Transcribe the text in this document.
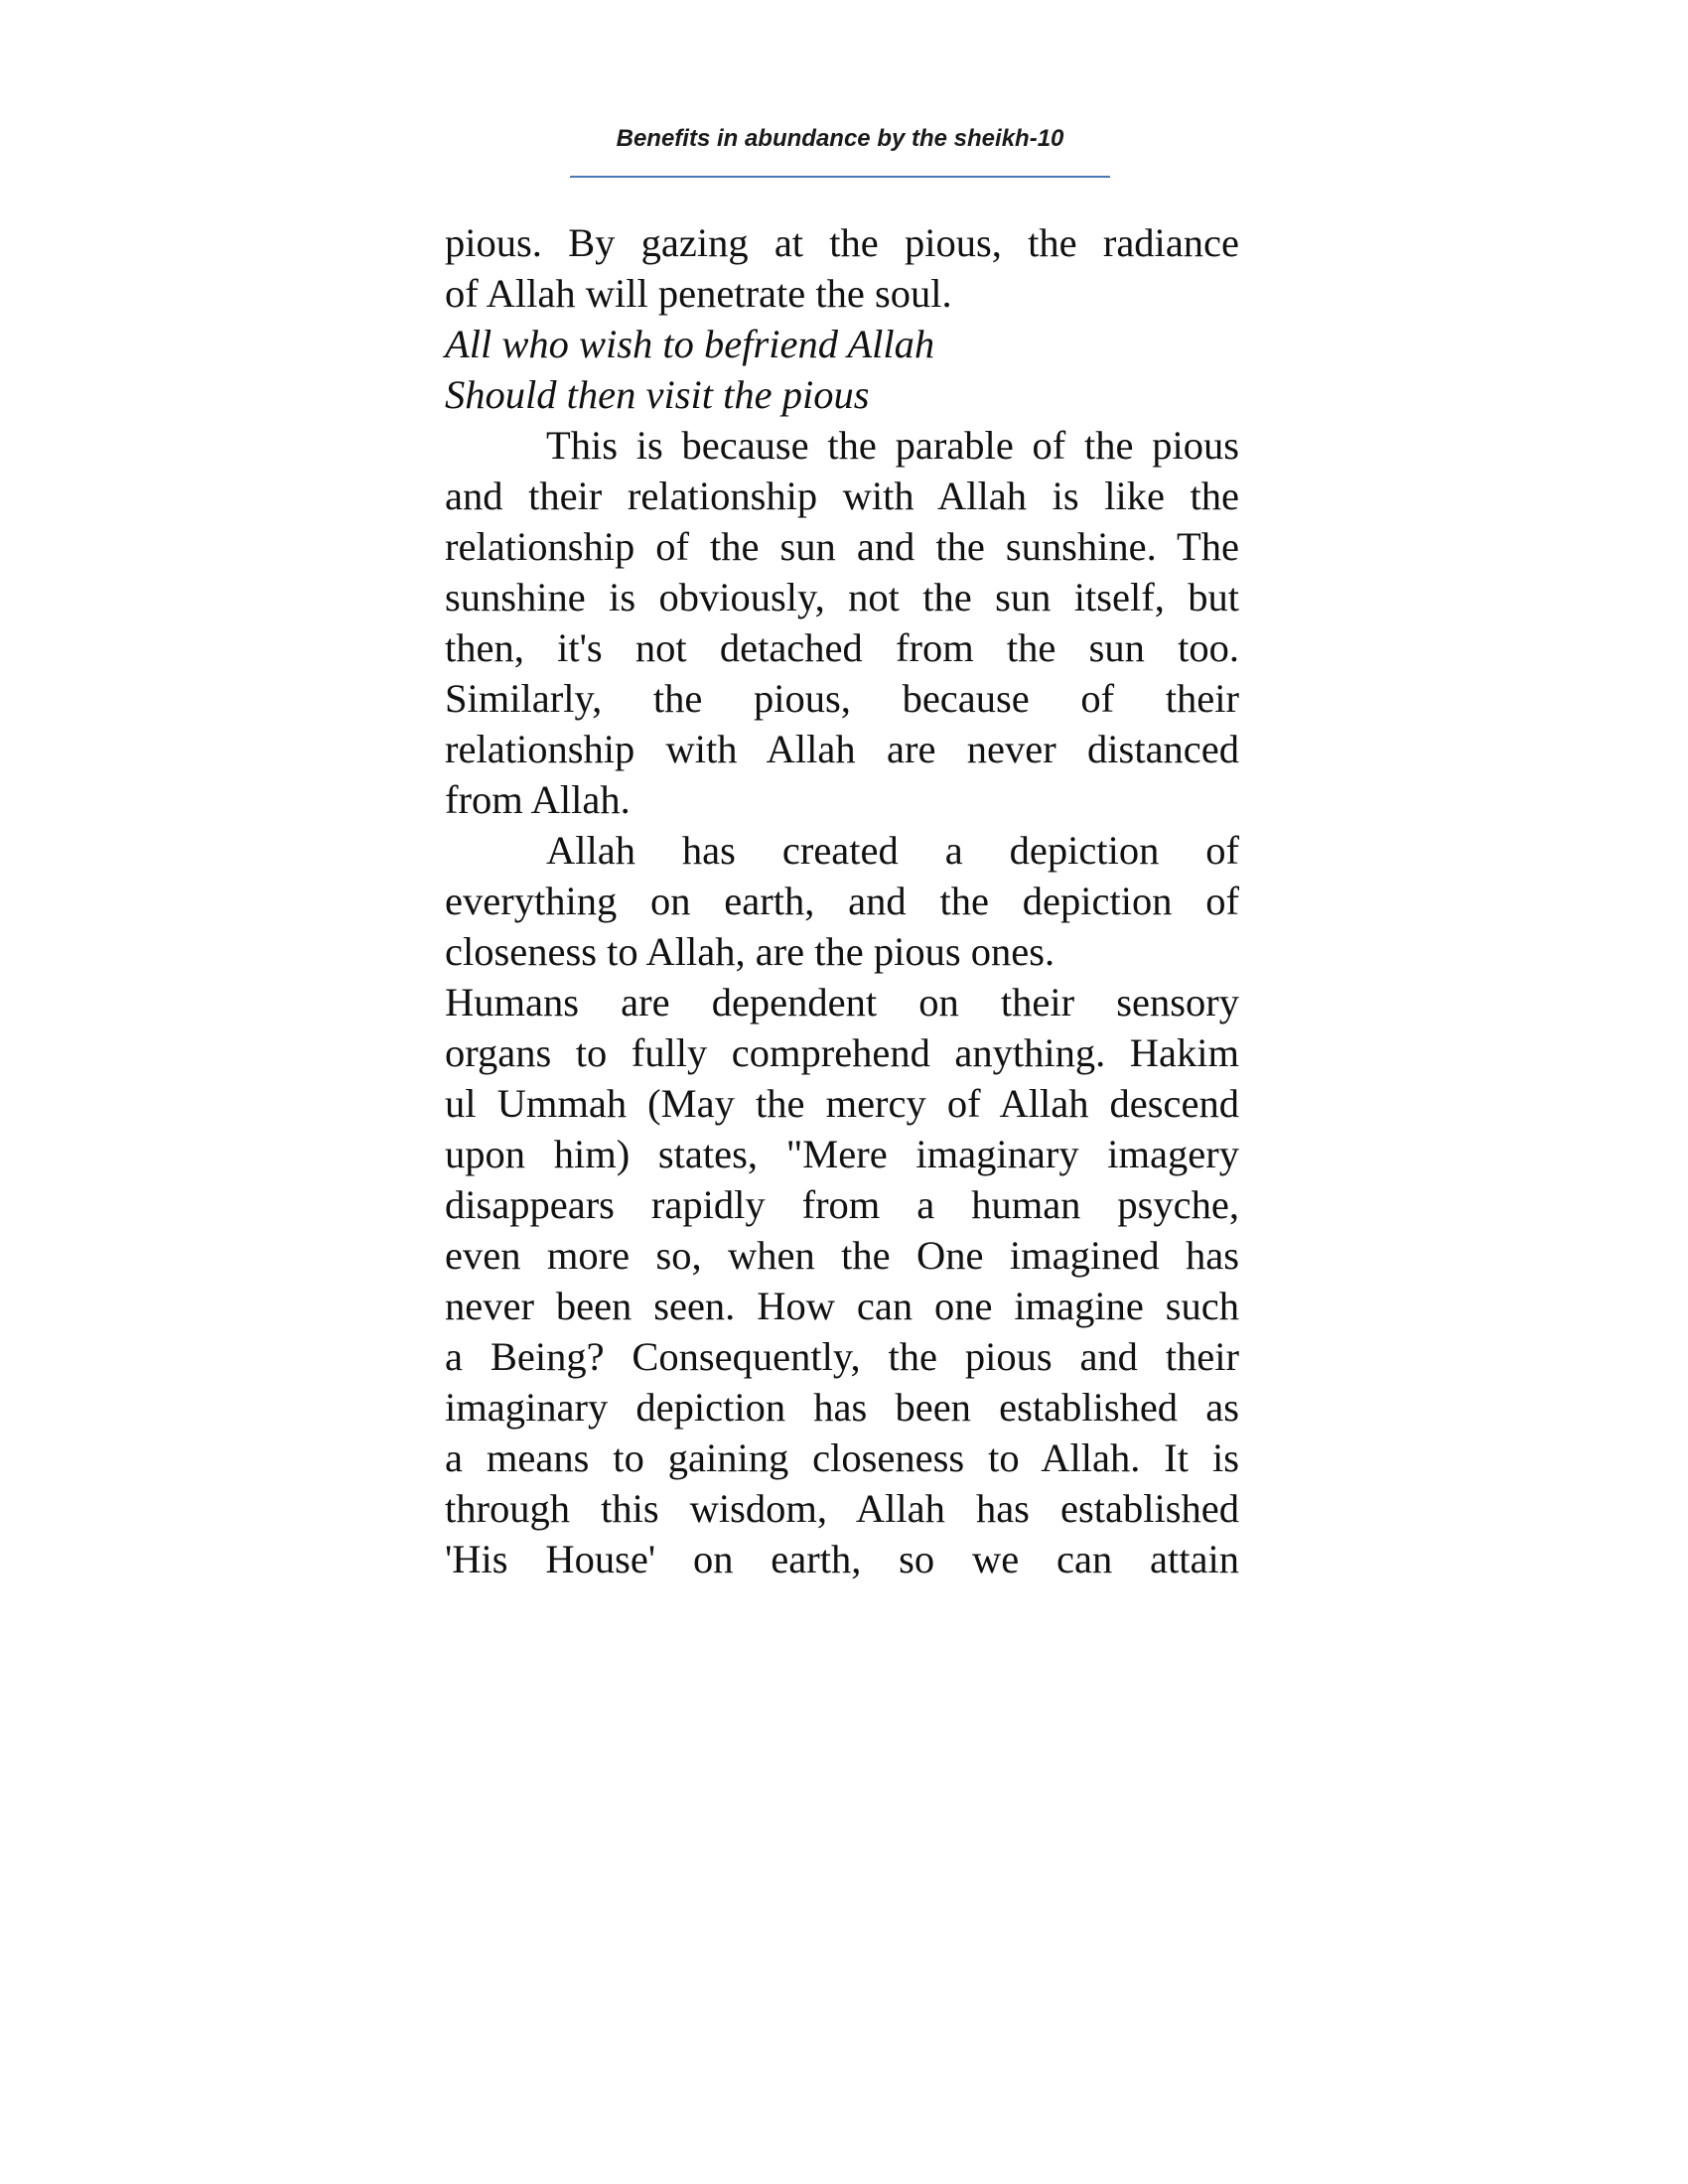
Benefits in abundance by the sheikh-10
pious. By gazing at the pious, the radiance
of Allah will penetrate the soul.
All who wish to befriend Allah
Should then visit the pious
This is because the parable of the pious
and their relationship with Allah is like the
relationship of the sun and the sunshine. The
sunshine is obviously, not the sun itself, but
then, it's not detached from the sun too.
Similarly, the pious, because of their
relationship with Allah are never distanced
from Allah.
Allah has created a depiction of
everything on earth, and the depiction of
closeness to Allah, are the pious ones.
Humans are dependent on their sensory
organs to fully comprehend anything. Hakim
ul Ummah (May the mercy of Allah descend
upon him) states, "Mere imaginary imagery
disappears rapidly from a human psyche,
even more so, when the One imagined has
never been seen. How can one imagine such
a Being? Consequently, the pious and their
imaginary depiction has been established as
a means to gaining closeness to Allah. It is
through this wisdom, Allah has established
'His House' on earth, so we can attain
